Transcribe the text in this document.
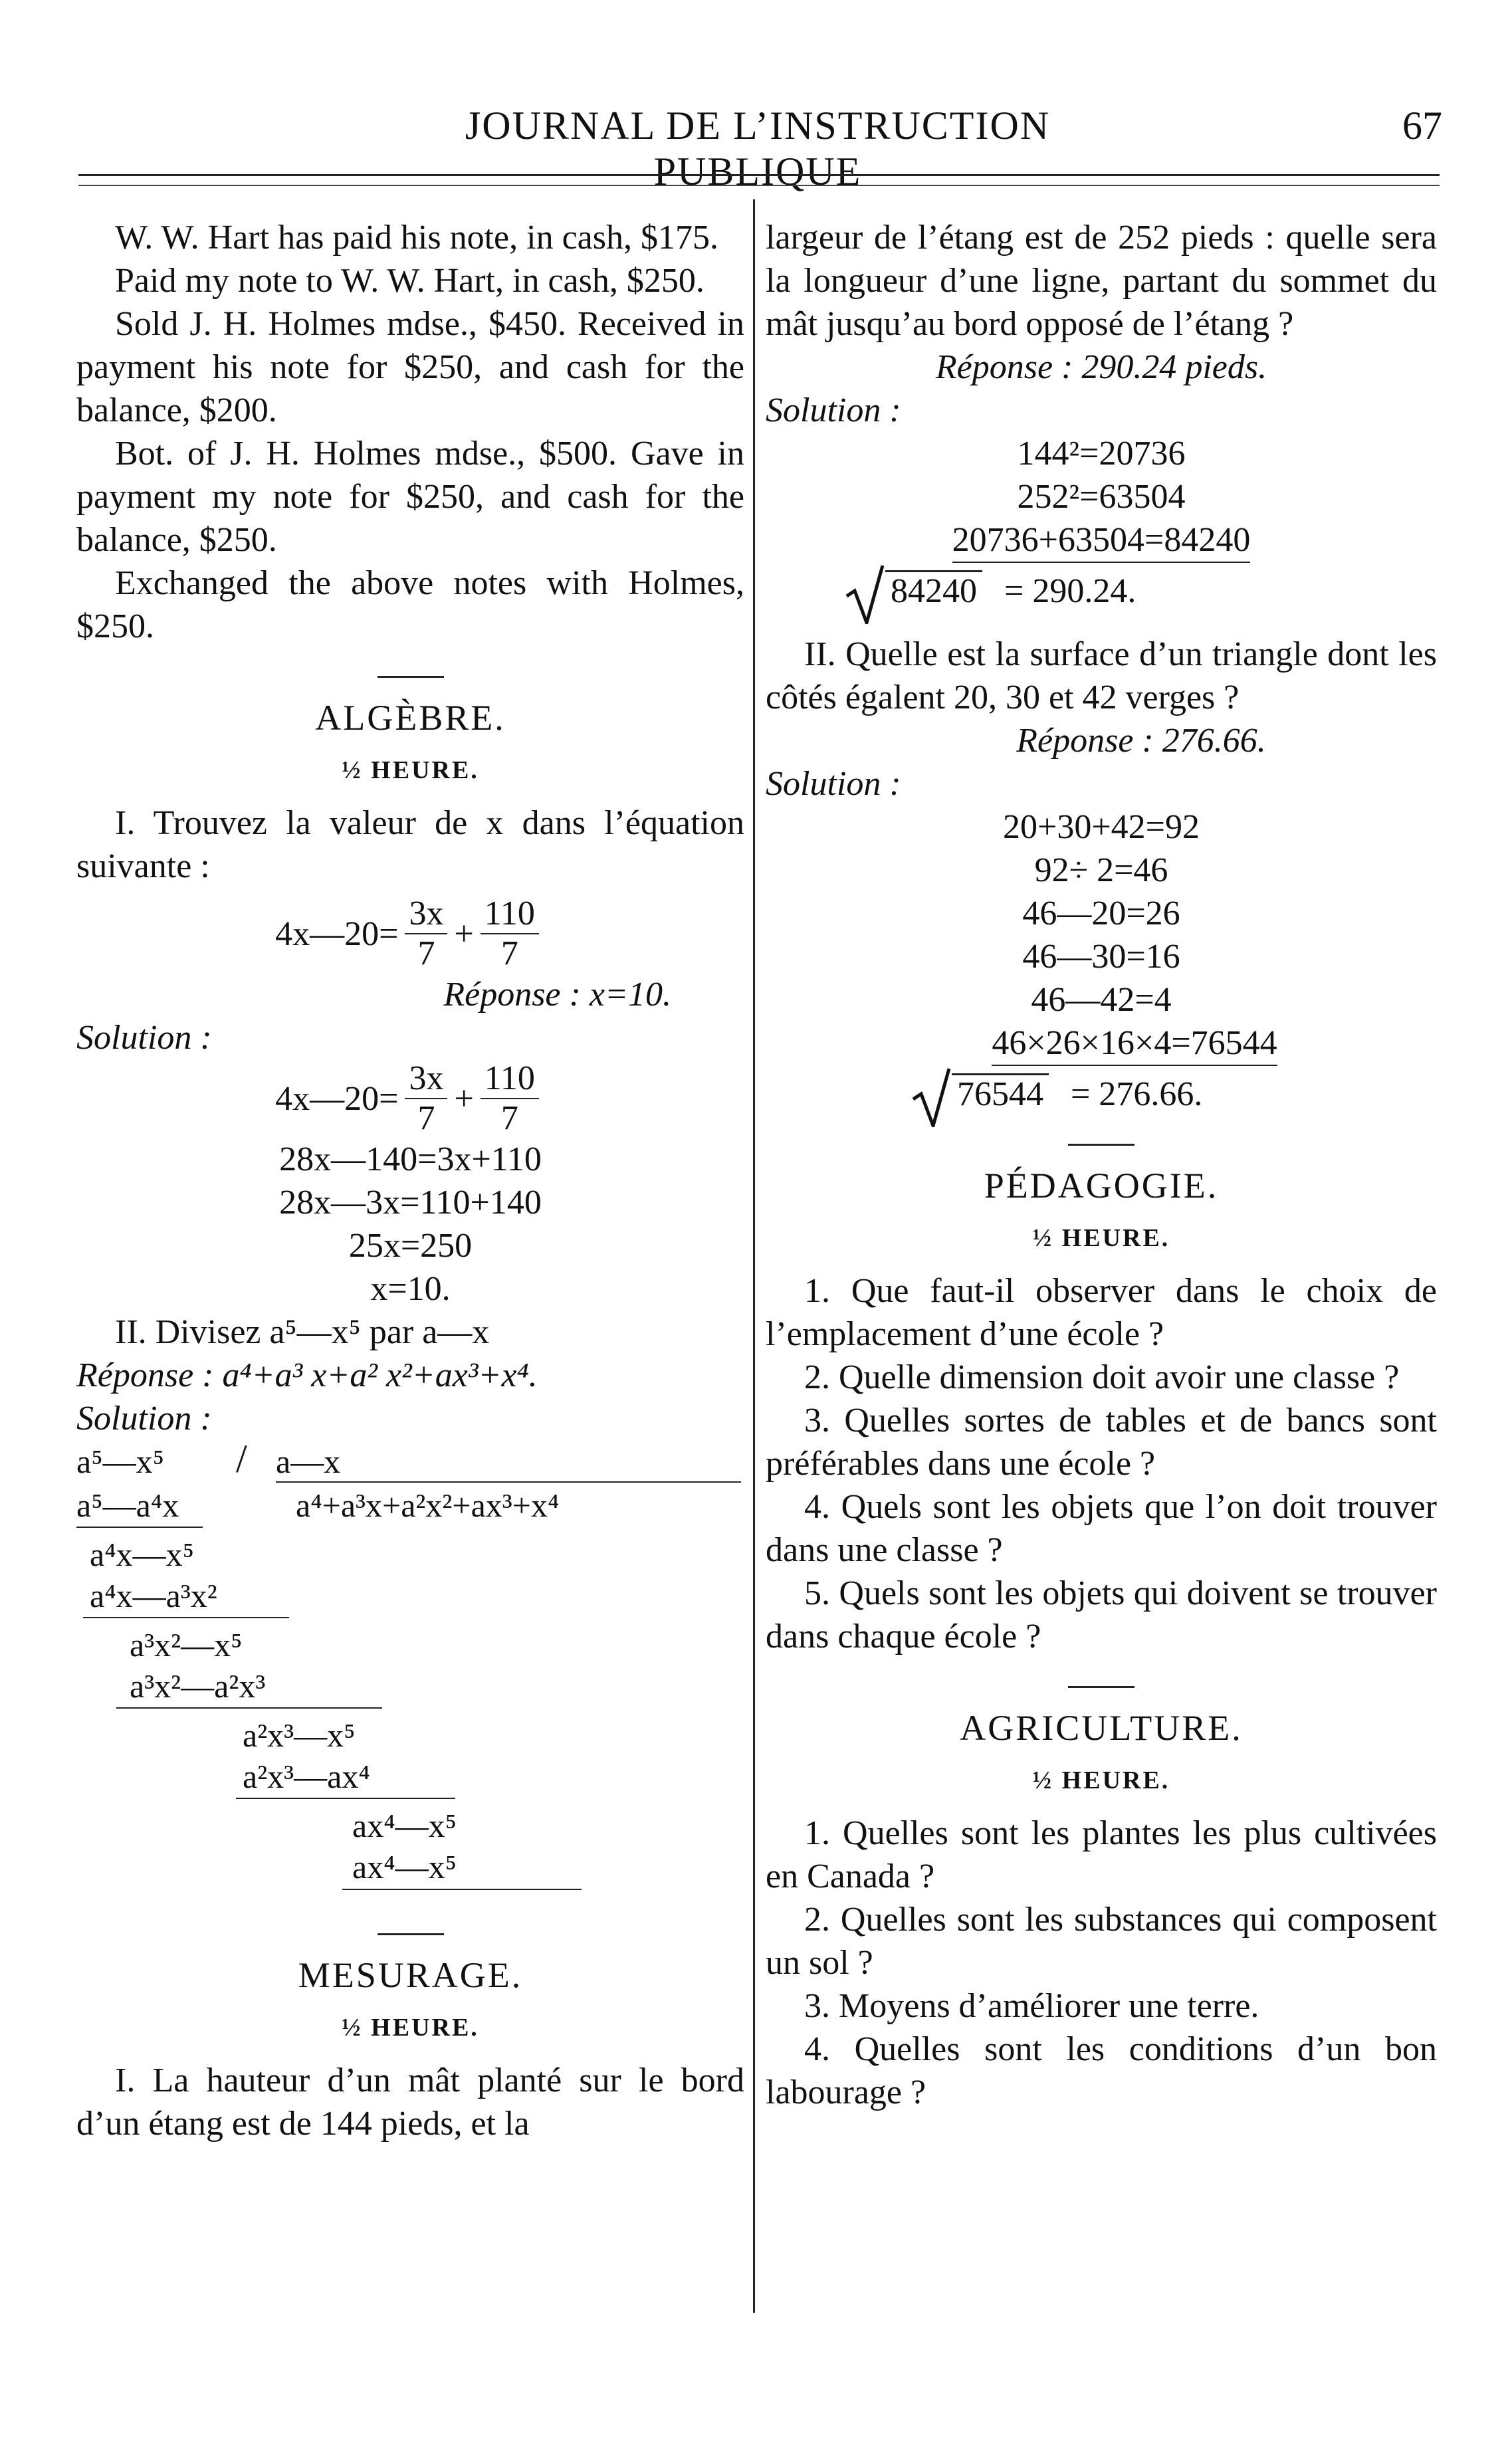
JOURNAL DE L’INSTRUCTION PUBLIQUE
67

W. W. Hart has paid his note, in cash, $175.

Paid my note to W. W. Hart, in cash, $250.

Sold J. H. Holmes mdse., $450. Received in payment his note for $250, and cash for the balance, $200.

Bot. of J. H. Holmes mdse., $500. Gave in payment my note for $250, and cash for the balance, $250.

Exchanged the above notes with Holmes, $250.

ALGÈBRE.
½ HEURE.

I. Trouvez la valeur de x dans l’équation suivante :

4x—20= $\frac{3x}{7} + \frac{110}{7}$

Réponse : x=10.

Solution :

4x—20= $\frac{3x}{7} + \frac{110}{7}$

28x—140=3x+110

28x—3x=110+140

25x=250

x=10.

II. Divisez a⁵—x⁵ par a—x

Réponse : a⁴+a³ x+a² x²+ax³+x⁴.

Solution :

a⁵—x⁵ / a—x
a⁵—a⁴x	a⁴+a³x+a²x²+ax³+x⁴
a⁴x—x⁵
a⁴x—a³x²
a³x²—x⁵
a³x²—a²x³
a²x³—x⁵
a²x³—ax⁴
ax⁴—x⁵
ax⁴—x⁵
MESURAGE.
½ HEURE.

I. La hauteur d’un mât planté sur le bord d’un étang est de 144 pieds, et la

largeur de l’étang est de 252 pieds : quelle sera la longueur d’une ligne, partant du sommet du mât jusqu’au bord opposé de l’étang ?

Réponse : 290.24 pieds.

Solution :

144²=20736

252²=63504

20736+63504=84240

84240 = 290.24.

II. Quelle est la surface d’un triangle dont les côtés égalent 20, 30 et 42 verges ?

Réponse : 276.66.

Solution :

20+30+42=92

92÷ 2=46

46—20=26

46—30=16

46—42=4

46×26×16×4=76544

76544 = 276.66.

PÉDAGOGIE.
½ HEURE.

1. Que faut-il observer dans le choix de l’emplacement d’une école ?

2. Quelle dimension doit avoir une classe ?

3. Quelles sortes de tables et de bancs sont préférables dans une école ?

4. Quels sont les objets que l’on doit trouver dans une classe ?

5. Quels sont les objets qui doivent se trouver dans chaque école ?

AGRICULTURE.
½ HEURE.

1. Quelles sont les plantes les plus cultivées en Canada ?

2. Quelles sont les substances qui composent un sol ?

3. Moyens d’améliorer une terre.

4. Quelles sont les conditions d’un bon labourage ?
